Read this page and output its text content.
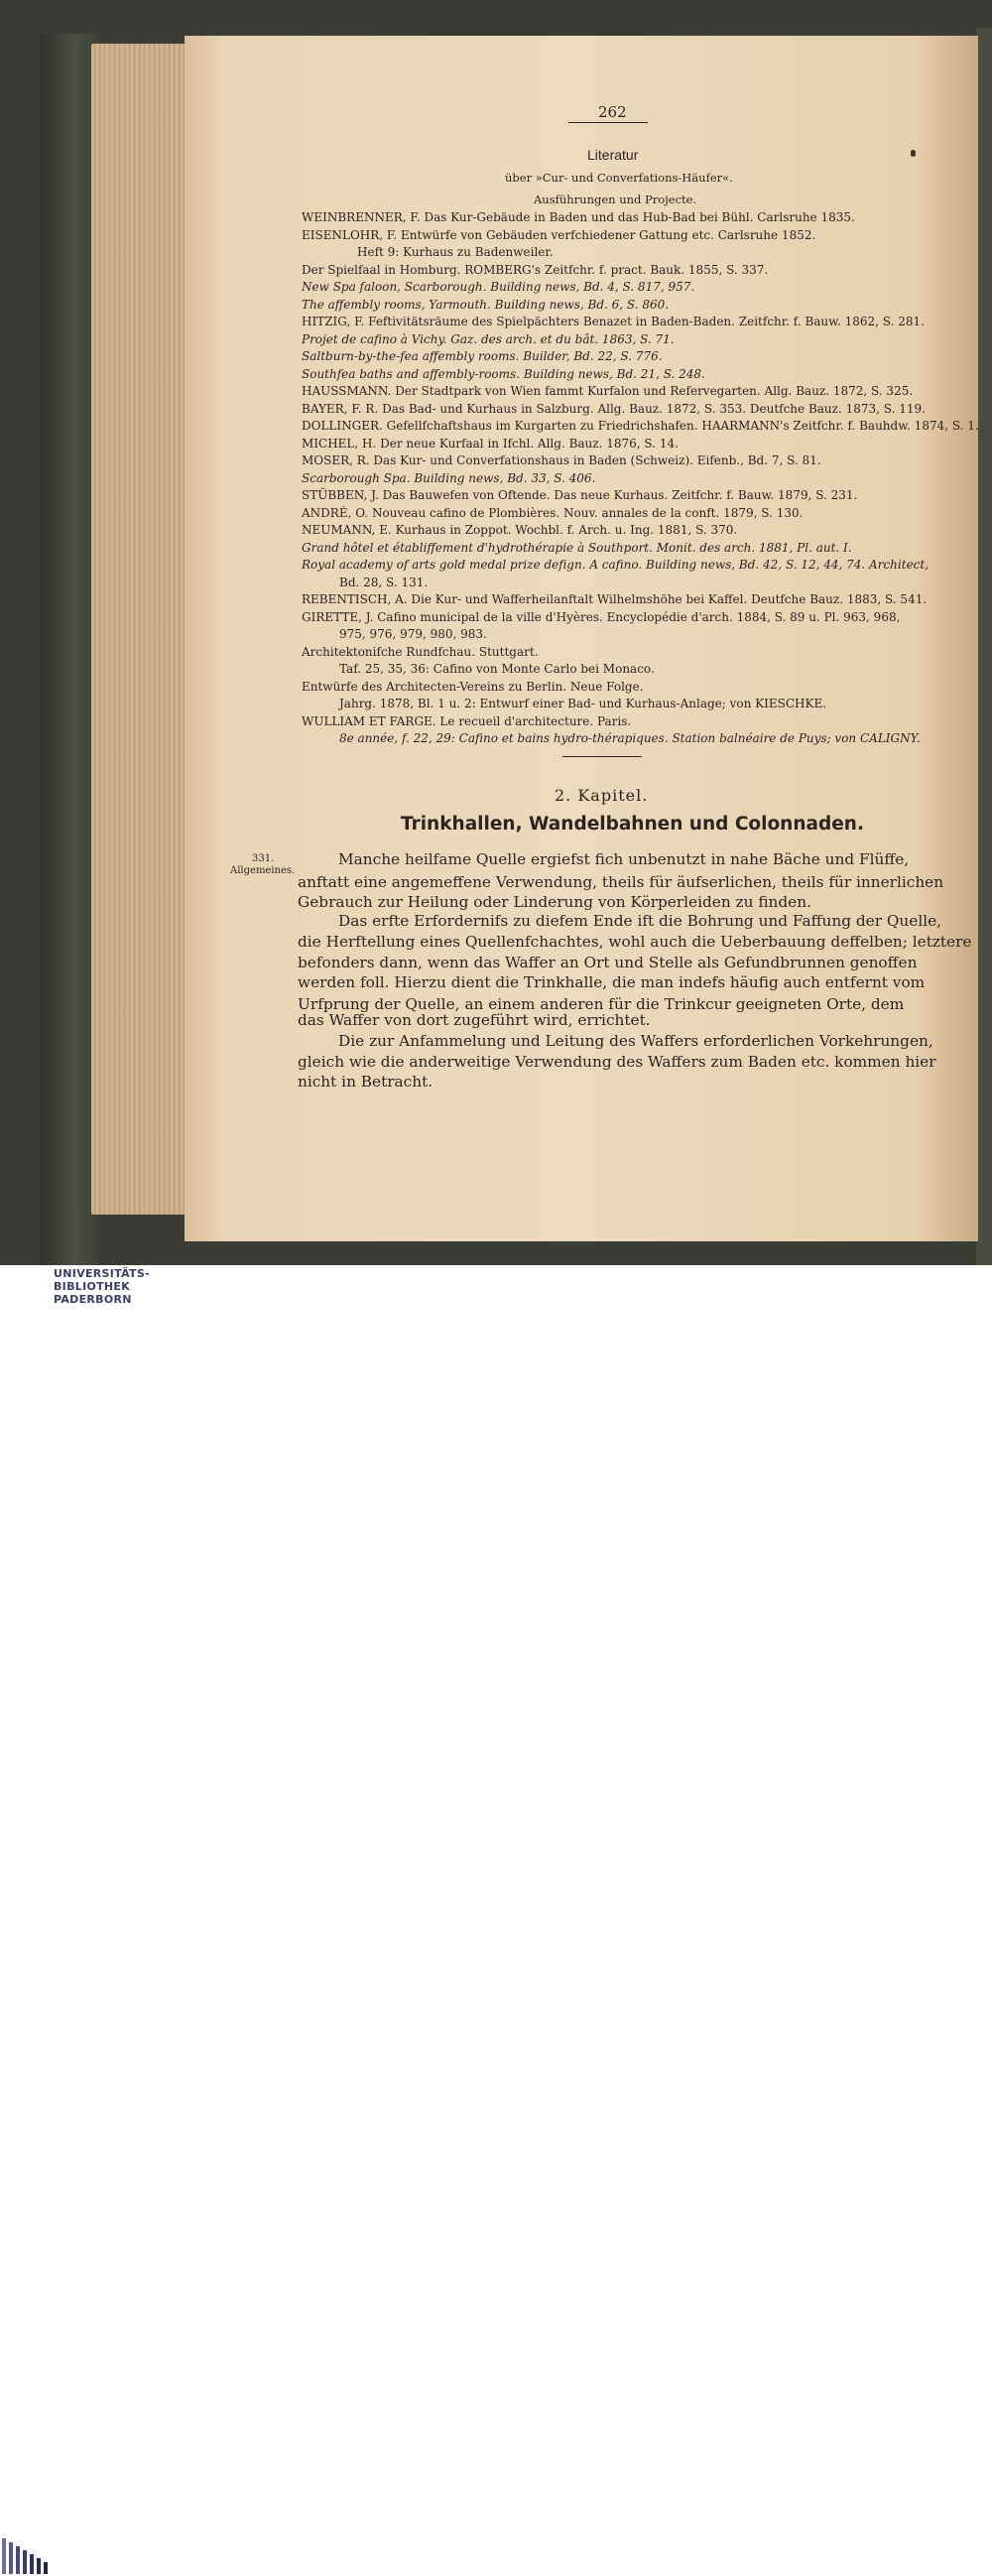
262
Literatur
über »Cur- und Converfations-Häufer«.
Ausführungen und Projecte.
WEINBRENNER, F. Das Kur-Gebäude in Baden und das Hub-Bad bei Bühl. Carlsruhe 1835.
EISENLOHR, F. Entwürfe von Gebäuden verfchiedener Gattung etc. Carlsruhe 1852.
Heft 9: Kurhaus zu Badenweiler.
Der Spielfaal in Homburg. ROMBERG's Zeitfchr. f. pract. Bauk. 1855, S. 337.
New Spa faloon, Scarborough. Building news, Bd. 4, S. 817, 957.
The affembly rooms, Yarmouth. Building news, Bd. 6, S. 860.
HITZIG, F. Feftivitätsräume des Spielpächters Benazet in Baden-Baden. Zeitfchr. f. Bauw. 1862, S. 281.
Projet de cafino à Vichy. Gaz. des arch. et du bât. 1863, S. 71.
Saltburn-by-the-fea affembly rooms. Builder, Bd. 22, S. 776.
Southfea baths and affembly-rooms. Building news, Bd. 21, S. 248.
HAUSSMANN. Der Stadtpark von Wien fammt Kurfalon und Refervegarten. Allg. Bauz. 1872, S. 325.
BAYER, F. R. Das Bad- und Kurhaus in Salzburg. Allg. Bauz. 1872, S. 353. Deutfche Bauz. 1873, S. 119.
DOLLINGER. Gefellfchaftshaus im Kurgarten zu Friedrichshafen. HAARMANN's Zeitfchr. f. Bauhdw. 1874, S. 1.
MICHEL, H. Der neue Kurfaal in Ifchl. Allg. Bauz. 1876, S. 14.
MOSER, R. Das Kur- und Converfationshaus in Baden (Schweiz). Eifenb., Bd. 7, S. 81.
Scarborough Spa. Building news, Bd. 33, S. 406.
STÜBBEN, J. Das Bauwefen von Oftende. Das neue Kurhaus. Zeitfchr. f. Bauw. 1879, S. 231.
ANDRÉ, O. Nouveau cafino de Plombières. Nouv. annales de la conft. 1879, S. 130.
NEUMANN, E. Kurhaus in Zoppot. Wochbl. f. Arch. u. Ing. 1881, S. 370.
Grand hôtel et établiffement d'hydrothérapie à Southport. Monit. des arch. 1881, Pl. aut. I.
Royal academy of arts gold medal prize defign. A cafino. Building news, Bd. 42, S. 12, 44, 74. Architect,
Bd. 28, S. 131.
REBENTISCH, A. Die Kur- und Wafferheilanftalt Wilhelmshöhe bei Kaffel. Deutfche Bauz. 1883, S. 541.
GIRETTE, J. Cafino municipal de la ville d'Hyères. Encyclopédie d'arch. 1884, S. 89 u. Pl. 963, 968,
975, 976, 979, 980, 983.
Architektonifche Rundfchau. Stuttgart.
Taf. 25, 35, 36: Cafino von Monte Carlo bei Monaco.
Entwürfe des Architecten-Vereins zu Berlin. Neue Folge.
Jahrg. 1878, Bl. 1 u. 2: Entwurf einer Bad- und Kurhaus-Anlage; von KIESCHKE.
WULLIAM ET FARGE. Le recueil d'architecture. Paris.
8e année, f. 22, 29: Cafino et bains hydro-thérapiques. Station balnéaire de Puys; von CALIGNY.
2. Kapitel.
Trinkhallen, Wandelbahnen und Colonnaden.
331.
Allgemeines.
Manche heilfame Quelle ergiefst fich unbenutzt in nahe Bäche und Flüffe,
anftatt eine angemeffene Verwendung, theils für äufserlichen, theils für innerlichen
Gebrauch zur Heilung oder Linderung von Körperleiden zu finden.
Das erfte Erfordernifs zu diefem Ende ift die Bohrung und Faffung der Quelle,
die Herftellung eines Quellenfchachtes, wohl auch die Ueberbauung deffelben; letztere
befonders dann, wenn das Waffer an Ort und Stelle als Gefundbrunnen genoffen
werden foll. Hierzu dient die Trinkhalle, die man indefs häufig auch entfernt vom
Urfprung der Quelle, an einem anderen für die Trinkcur geeigneten Orte, dem
das Waffer von dort zugeführt wird, errichtet.
Die zur Anfammelung und Leitung des Waffers erforderlichen Vorkehrungen,
gleich wie die anderweitige Verwendung des Waffers zum Baden etc. kommen hier
nicht in Betracht.
UNIVERSITÄTS-
BIBLIOTHEK
PADERBORN
